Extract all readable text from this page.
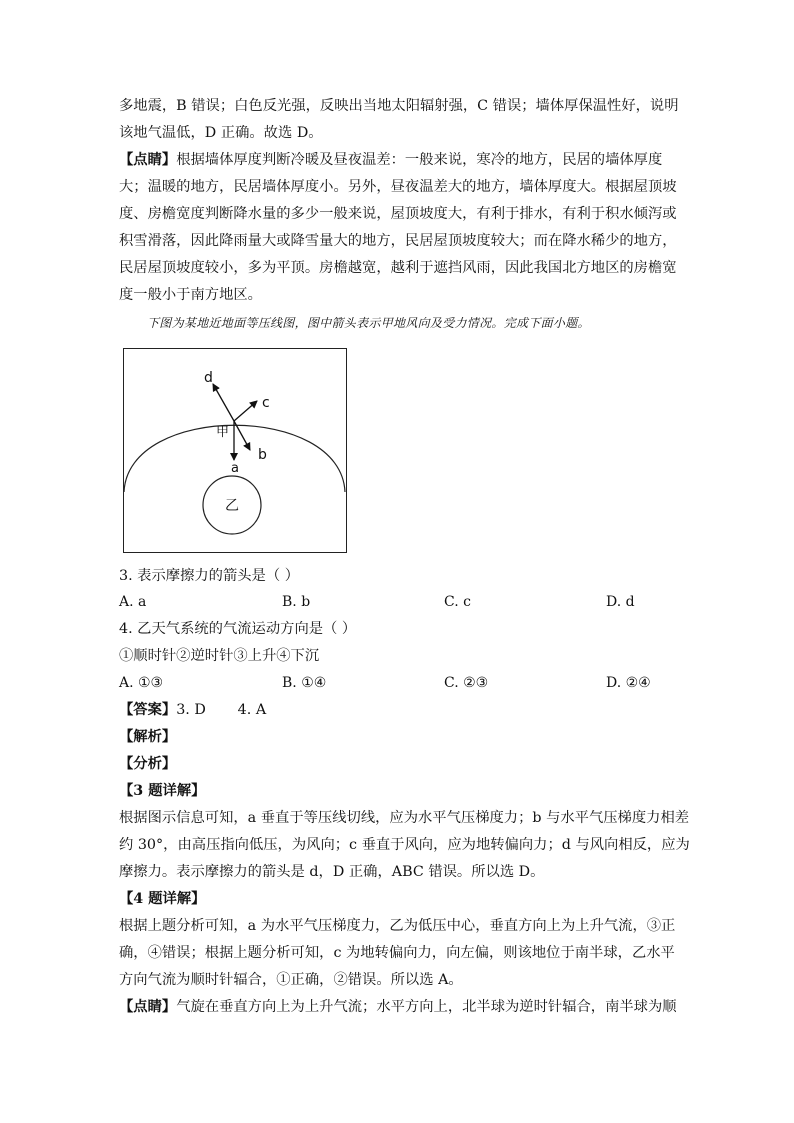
多地震，B 错误；白色反光强，反映出当地太阳辐射强，C 错误；墙体厚保温性好，说明
该地气温低，D 正确。故选 D。
【点睛】根据墙体厚度判断冷暖及昼夜温差：一般来说，寒冷的地方，民居的墙体厚度
大；温暖的地方，民居墙体厚度小。另外，昼夜温差大的地方，墙体厚度大。根据屋顶坡
度、房檐宽度判断降水量的多少一般来说，屋顶坡度大，有利于排水，有利于积水倾泻或
积雪滑落，因此降雨量大或降雪量大的地方，民居屋顶坡度较大；而在降水稀少的地方，
民居屋顶坡度较小，多为平顶。房檐越宽，越利于遮挡风雨，因此我国北方地区的房檐宽
度一般小于南方地区。
下图为某地近地面等压线图，图中箭头表示甲地风向及受力情况。完成下面小题。
甲
a
b
c
d
乙
3. 表示摩擦力的箭头是（ ）
A. a	B. b	C. c	D. d
4. 乙天气系统的气流运动方向是（ ）
①顺时针②逆时针③上升④下沉
A. ①③	B. ①④	C. ②③	D. ②④
【答案】3. D       4. A
【解析】
【分析】
【3 题详解】
根据图示信息可知，a 垂直于等压线切线，应为水平气压梯度力；b 与水平气压梯度力相差
约 30°，由高压指向低压，为风向；c 垂直于风向，应为地转偏向力；d 与风向相反，应为
摩擦力。表示摩擦力的箭头是 d，D 正确，ABC 错误。所以选 D。
【4 题详解】
根据上题分析可知，a 为水平气压梯度力，乙为低压中心，垂直方向上为上升气流，③正
确，④错误；根据上题分析可知，c 为地转偏向力，向左偏，则该地位于南半球，乙水平
方向气流为顺时针辐合，①正确，②错误。所以选 A。
【点睛】气旋在垂直方向上为上升气流；水平方向上，北半球为逆时针辐合，南半球为顺
